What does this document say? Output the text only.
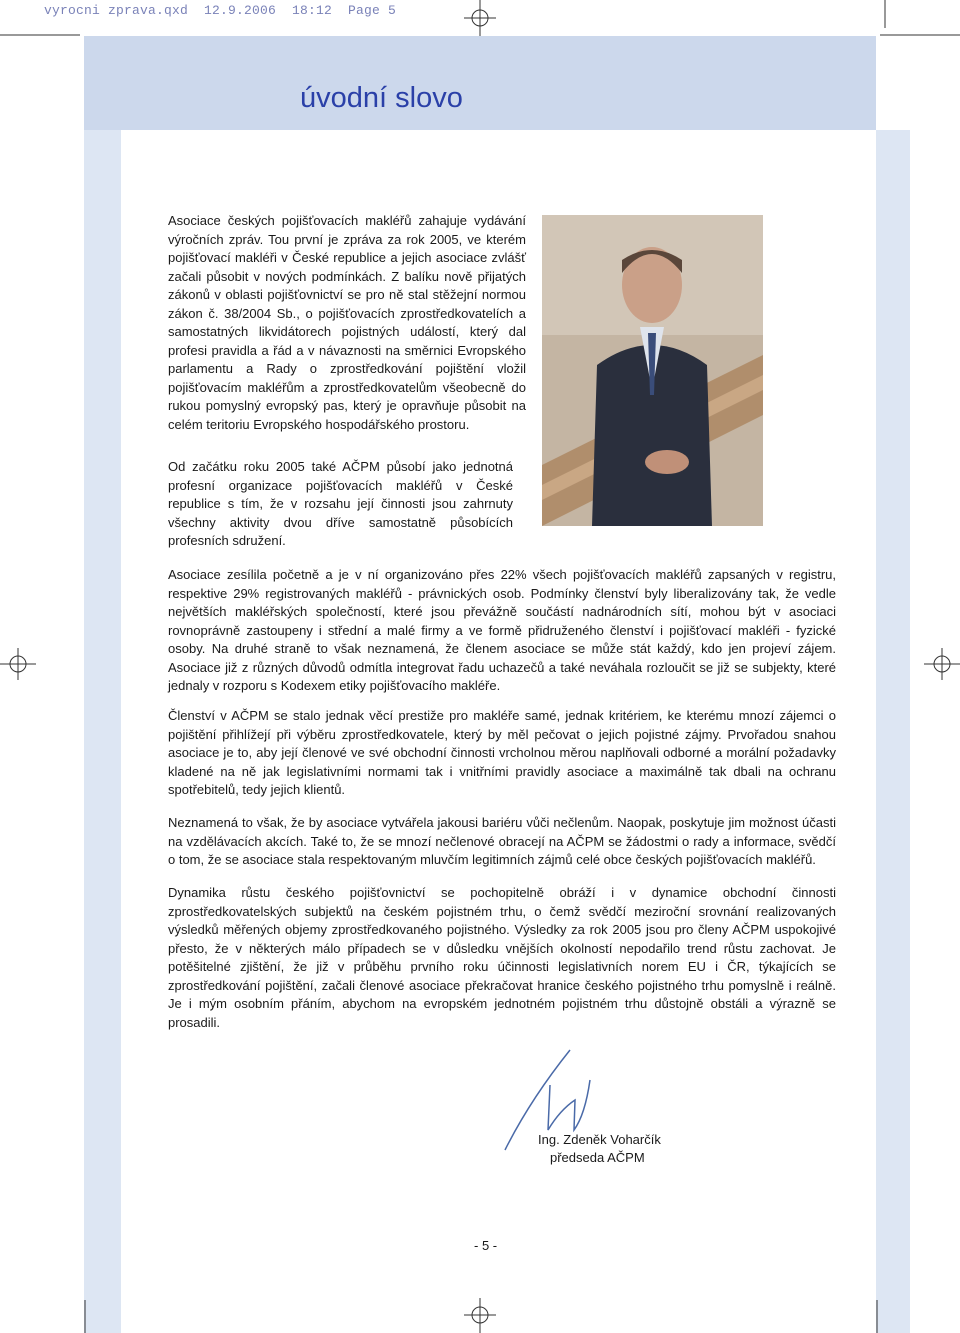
vyrocni zprava.qxd  12.9.2006  18:12  Page 5
úvodní slovo
Asociace českých pojišťovacích makléřů zahajuje vydávání výročních zpráv. Tou první je zpráva za rok 2005, ve kterém pojišťovací makléři v České republice a jejich asociace zvlášť začali působit v nových podmínkách. Z balíku nově přijatých zákonů v oblasti pojišťovnictví se pro ně stal stěžejní normou zákon č. 38/2004 Sb., o pojišťovacích zprostředkovatelích a samostatných likvidátorech pojistných událostí, který dal profesi pravidla a řád a v návaznosti na směrnici Evropského parlamentu a Rady o zprostředkování pojištění vložil pojišťovacím makléřům a zprostředkovatelům všeobecně do rukou pomyslný evropský pas, který je opravňuje působit na celém teritoriu Evropského hospodářského prostoru.
Od začátku roku 2005 také AČPM působí jako jednotná profesní organizace pojišťovacích makléřů v České republice s tím, že v rozsahu její činnosti jsou zahrnuty všechny aktivity dvou dříve samostatně působících profesních sdružení.
Asociace zesílila početně a je v ní organizováno přes 22% všech pojišťovacích makléřů zapsaných v registru, respektive 29% registrovaných makléřů - právnických osob. Podmínky členství byly liberalizovány tak, že vedle největších makléřských společností, které jsou převážně součástí nadnárodních sítí, mohou být v asociaci rovnoprávně zastoupeny i střední a malé firmy a ve formě přidruženého členství i pojišťovací makléři - fyzické osoby. Na druhé straně to však neznamená, že členem asociace se může stát každý, kdo jen projeví zájem. Asociace již z různých důvodů odmítla integrovat řadu uchazečů a také neváhala rozloučit se již se subjekty, které jednaly v rozporu s Kodexem etiky pojišťovacího makléře.
Členství v AČPM se stalo jednak věcí prestiže pro makléře samé, jednak kritériem, ke kterému mnozí zájemci o pojištění přihlížejí při výběru zprostředkovatele, který by měl pečovat o jejich pojistné zájmy. Prvořadou snahou asociace je to, aby její členové ve své obchodní činnosti vrcholnou měrou naplňovali odborné a morální požadavky kladené na ně jak legislativními normami tak i vnitřními pravidly asociace a maximálně tak dbali na ochranu spotřebitelů, tedy jejich klientů.
Neznamená to však, že by asociace vytvářela jakousi bariéru vůči nečlenům. Naopak, poskytuje jim možnost účasti na vzdělávacích akcích. Také to, že se mnozí nečlenové obracejí na AČPM se žádostmi o rady a informace, svědčí o tom, že se asociace stala respektovaným mluvčím legitimních zájmů celé obce českých pojišťovacích makléřů.
Dynamika růstu českého pojišťovnictví se pochopitelně obráží i v dynamice obchodní činnosti zprostředkovatelských subjektů na českém pojistném trhu, o čemž svědčí meziroční srovnání realizovaných výsledků měřených objemy zprostředkovaného pojistného. Výsledky za rok 2005 jsou pro členy AČPM uspokojivé přesto, že v některých málo případech se v důsledku vnějších okolností nepodařilo trend růstu zachovat. Je potěšitelné zjištění, že již v průběhu prvního roku účinnosti legislativních norem EU i ČR, týkajících se zprostředkování pojištění, začali členové asociace překračovat hranice českého pojistného trhu pomyslně i reálně. Je i mým osobním přáním, abychom na evropském jednotném pojistném trhu důstojně obstáli a výrazně se prosadili.
Ing. Zdeněk Voharčík
předseda AČPM
- 5 -
